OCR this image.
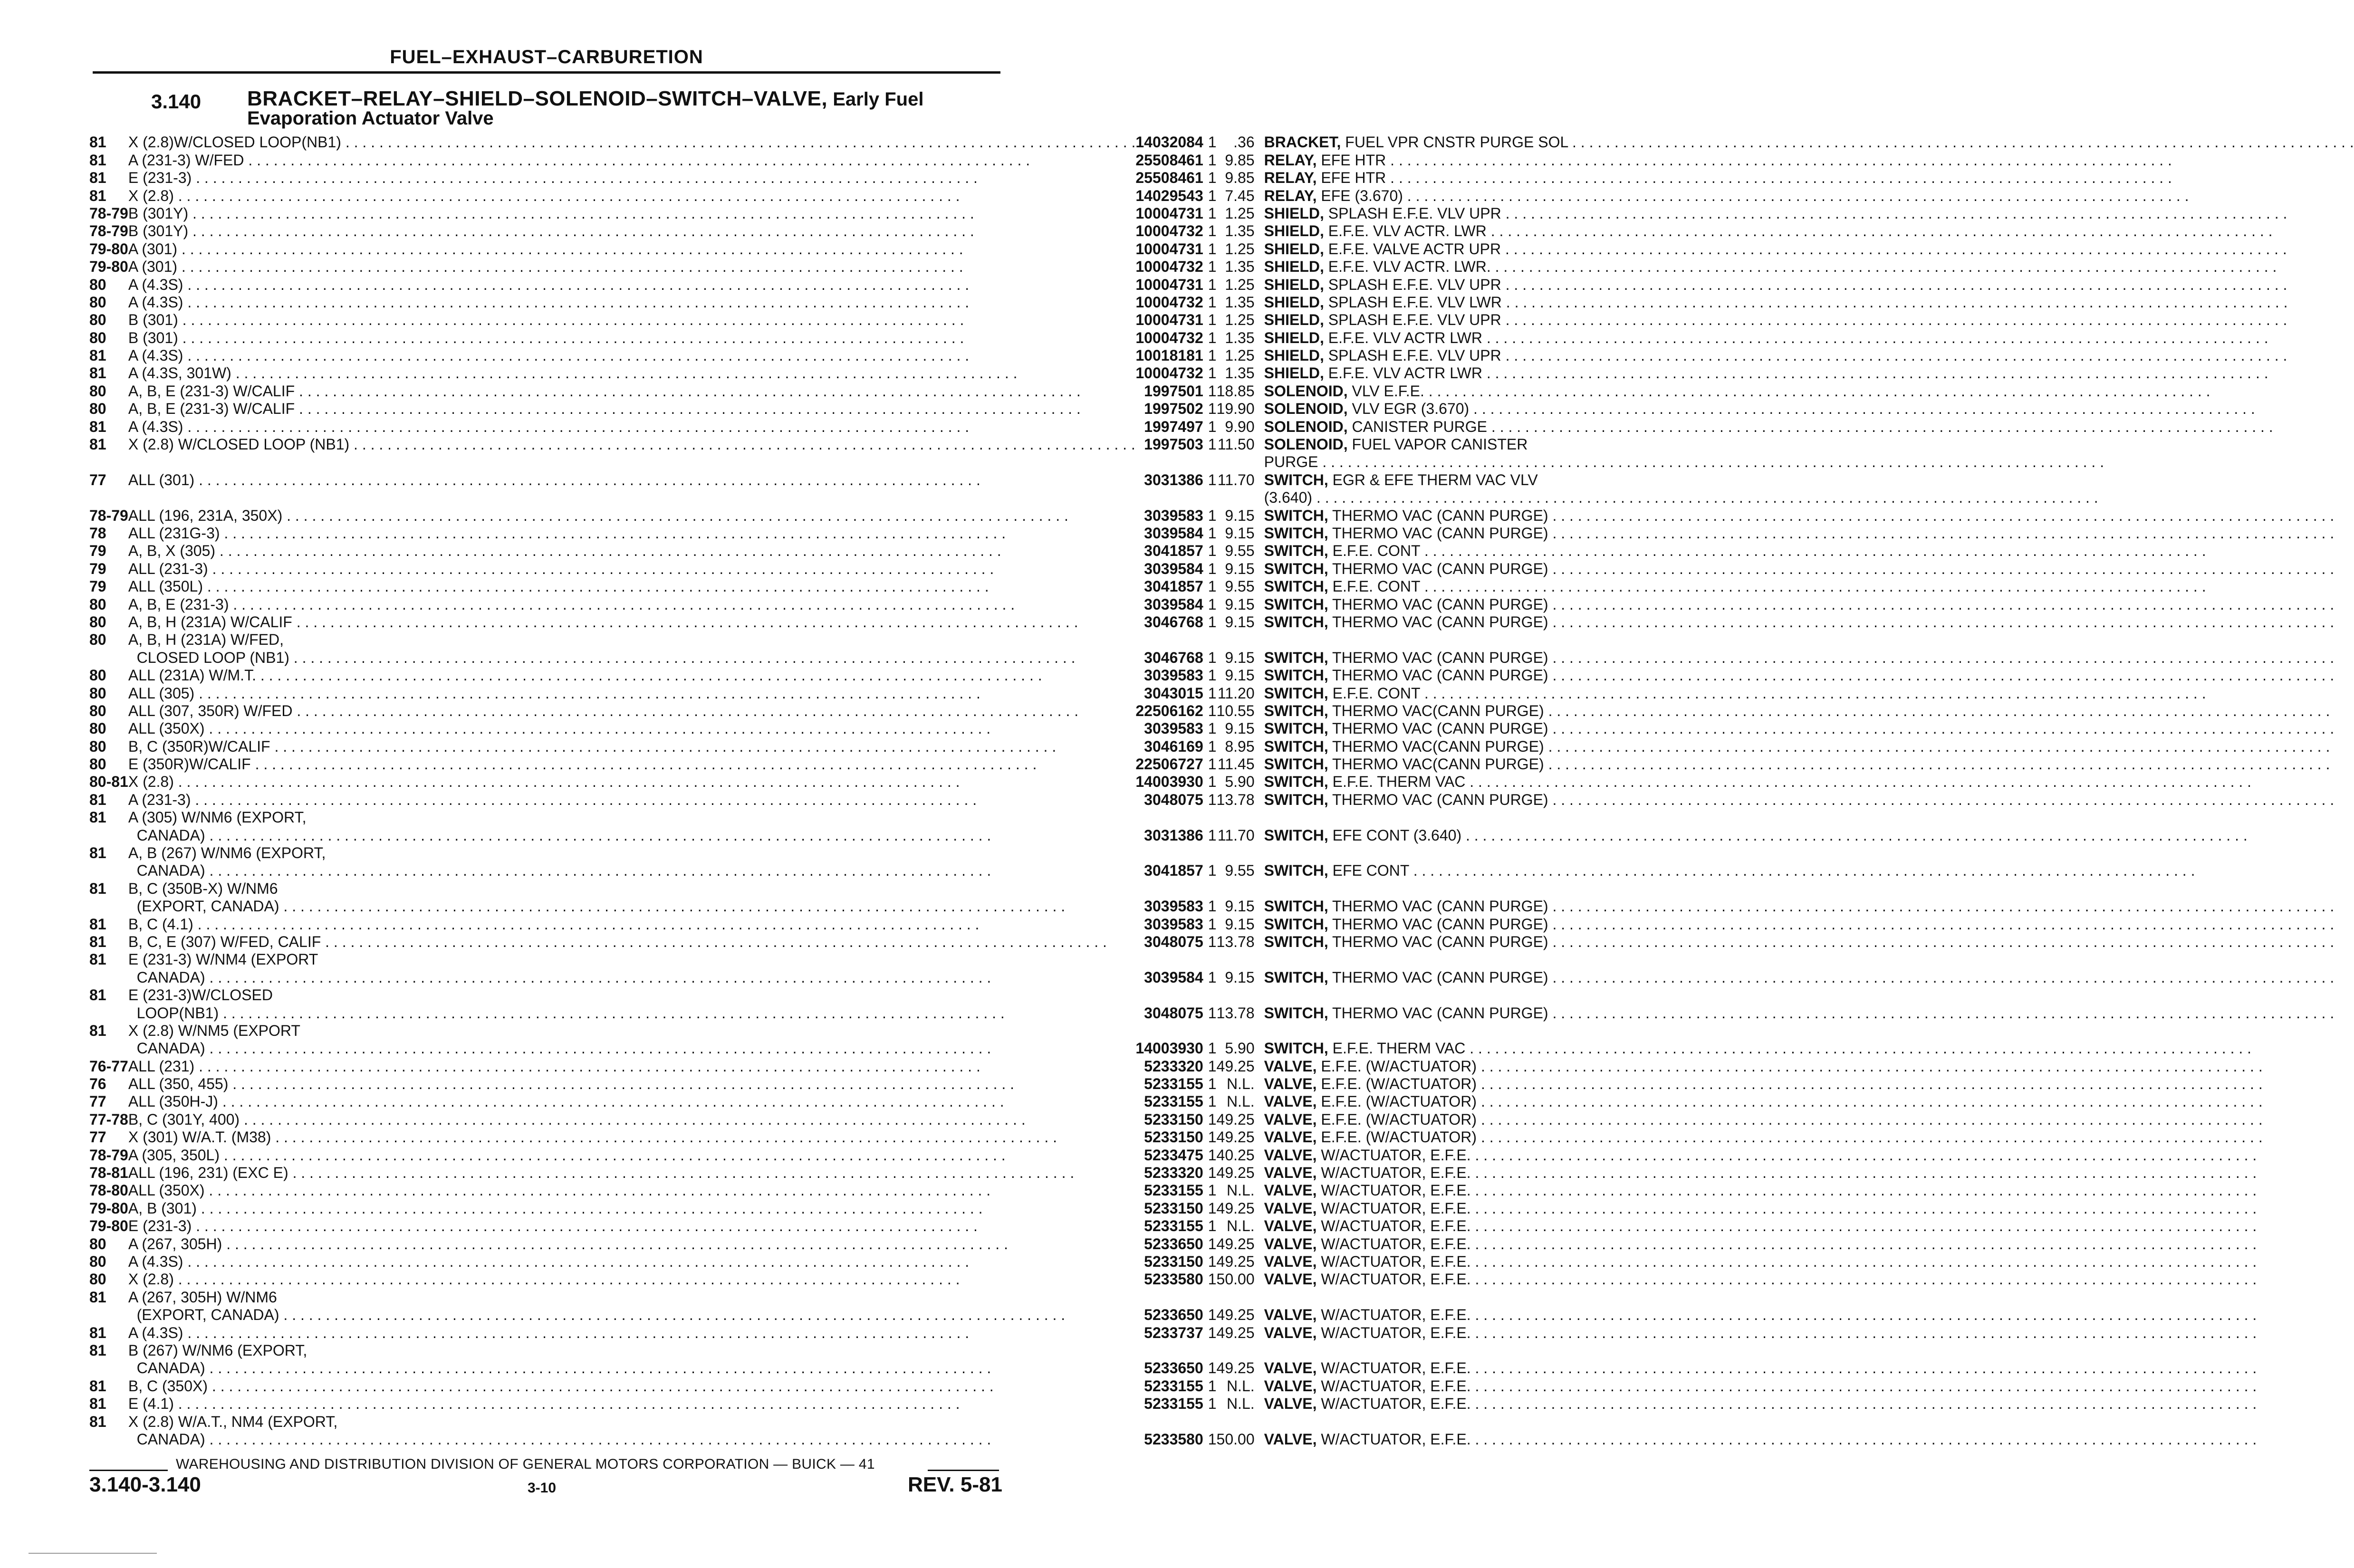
FUEL–EXHAUST–CARBURETION
3.140 BRACKET–RELAY–SHIELD–SOLENOID–SWITCH–VALVE, Early Fuel
Evaporation Actuator Valve
81	X (2.8)W/CLOSED LOOP(NB1) . . . .	14032084	1	.36	BRACKET, FUEL VPR CNSTR PURGE SOL . . .
81	A (231-3) W/FED . . .	25508461	1	9.85	RELAY, EFE HTR . . .
81	E (231-3) . . .	25508461	1	9.85	RELAY, EFE HTR . . .
81	X (2.8) . . .	14029543	1	7.45	RELAY, EFE (3.670) . . .
78-79	B (301Y) . . .	10004731	1	1.25	SHIELD, SPLASH E.F.E. VLV UPR . . .
78-79	B (301Y) . . .	10004732	1	1.35	SHIELD, E.F.E. VLV ACTR. LWR . . .
79-80	A (301) . . .	10004731	1	1.25	SHIELD, E.F.E. VALVE ACTR UPR . . .
79-80	A (301) . . .	10004732	1	1.35	SHIELD, E.F.E. VLV ACTR. LWR. . . .
80	A (4.3S) . . .	10004731	1	1.25	SHIELD, SPLASH E.F.E. VLV UPR . . .
80	A (4.3S) . . .	10004732	1	1.35	SHIELD, SPLASH E.F.E. VLV LWR . . .
80	B (301) . . .	10004731	1	1.25	SHIELD, SPLASH E.F.E. VLV UPR . . .
80	B (301) . . .	10004732	1	1.35	SHIELD, E.F.E. VLV ACTR LWR . . .
81	A (4.3S) . . .	10018181	1	1.25	SHIELD, SPLASH E.F.E. VLV UPR . . .
81	A (4.3S, 301W) . . .	10004732	1	1.35	SHIELD, E.F.E. VLV ACTR LWR . . .
80	A, B, E (231-3) W/CALIF . . .	1997501	1	18.85	SOLENOID, VLV E.F.E. . . .
80	A, B, E (231-3) W/CALIF . . .	1997502	1	19.90	SOLENOID, VLV EGR (3.670) . . .
81	A (4.3S) . . .	1997497	1	9.90	SOLENOID, CANISTER PURGE . . .
81	X (2.8) W/CLOSED LOOP (NB1) . . .	1997503	1	11.50	SOLENOID, FUEL VAPOR CANISTER
					PURGE . . .
77	ALL (301) . . .	3031386	1	11.70	SWITCH, EGR & EFE THERM VAC VLV
					(3.640) . . .
78-79	ALL (196, 231A, 350X) . . .	3039583	1	9.15	SWITCH, THERMO VAC (CANN PURGE) . . .
78	ALL (231G-3) . . .	3039584	1	9.15	SWITCH, THERMO VAC (CANN PURGE) . . .
79	A, B, X (305) . . .	3041857	1	9.55	SWITCH, E.F.E. CONT . . .
79	ALL (231-3) . . .	3039584	1	9.15	SWITCH, THERMO VAC (CANN PURGE) . . .
79	ALL (350L) . . .	3041857	1	9.55	SWITCH, E.F.E. CONT . . .
80	A, B, E (231-3) . . .	3039584	1	9.15	SWITCH, THERMO VAC (CANN PURGE) . . .
80	A, B, H (231A) W/CALIF . . .	3046768	1	9.15	SWITCH, THERMO VAC (CANN PURGE) . . .
80	A, B, H (231A) W/FED,				
	CLOSED LOOP (NB1) . . .	3046768	1	9.15	SWITCH, THERMO VAC (CANN PURGE) . . .
80	ALL (231A) W/M.T. . . .	3039583	1	9.15	SWITCH, THERMO VAC (CANN PURGE) . . .
80	ALL (305) . . .	3043015	1	11.20	SWITCH, E.F.E. CONT . . .
80	ALL (307, 350R) W/FED . . .	22506162	1	10.55	SWITCH, THERMO VAC(CANN PURGE) . . .
80	ALL (350X) . . .	3039583	1	9.15	SWITCH, THERMO VAC (CANN PURGE) . . .
80	B, C (350R)W/CALIF . . .	3046169	1	8.95	SWITCH, THERMO VAC(CANN PURGE) . . .
80	E (350R)W/CALIF . . .	22506727	1	11.45	SWITCH, THERMO VAC(CANN PURGE) . . .
80-81	X (2.8) . . .	14003930	1	5.90	SWITCH, E.F.E. THERM VAC . . .
81	A (231-3) . . .	3048075	1	13.78	SWITCH, THERMO VAC (CANN PURGE) . . .
81	A (305) W/NM6 (EXPORT,				
	CANADA) . . .	3031386	1	11.70	SWITCH, EFE CONT (3.640) . . .
81	A, B (267) W/NM6 (EXPORT,				
	CANADA) . . .	3041857	1	9.55	SWITCH, EFE CONT . . .
81	B, C (350B-X) W/NM6				
	(EXPORT, CANADA) . . .	3039583	1	9.15	SWITCH, THERMO VAC (CANN PURGE) . . .
81	B, C (4.1) . . .	3039583	1	9.15	SWITCH, THERMO VAC (CANN PURGE) . . .
81	B, C, E (307) W/FED, CALIF . . .	3048075	1	13.78	SWITCH, THERMO VAC (CANN PURGE) . . .
81	E (231-3) W/NM4 (EXPORT				
	CANADA) . . .	3039584	1	9.15	SWITCH, THERMO VAC (CANN PURGE) . . .
81	E (231-3)W/CLOSED				
	LOOP(NB1) . . .	3048075	1	13.78	SWITCH, THERMO VAC (CANN PURGE) . . .
81	X (2.8) W/NM5 (EXPORT				
	CANADA) . . .	14003930	1	5.90	SWITCH, E.F.E. THERM VAC . . .
76-77	ALL (231) . . .	5233320	1	49.25	VALVE, E.F.E. (W/ACTUATOR) . . .
76	ALL (350, 455) . . .	5233155	1	N.L.	VALVE, E.F.E. (W/ACTUATOR) . . .
77	ALL (350H-J) . . .	5233155	1	N.L.	VALVE, E.F.E. (W/ACTUATOR) . . .
77-78	B, C (301Y, 400) . . .	5233150	1	49.25	VALVE, E.F.E. (W/ACTUATOR) . . .
77	X (301) W/A.T. (M38) . . .	5233150	1	49.25	VALVE, E.F.E. (W/ACTUATOR) . . .
78-79	A (305, 350L) . . .	5233475	1	40.25	VALVE, W/ACTUATOR, E.F.E. . . .
78-81	ALL (196, 231) (EXC E) . . .	5233320	1	49.25	VALVE, W/ACTUATOR, E.F.E. . . .
78-80	ALL (350X) . . .	5233155	1	N.L.	VALVE, W/ACTUATOR, E.F.E. . . .
79-80	A, B (301) . . .	5233150	1	49.25	VALVE, W/ACTUATOR, E.F.E. . . .
79-80	E (231-3) . . .	5233155	1	N.L.	VALVE, W/ACTUATOR, E.F.E. . . .
80	A (267, 305H) . . .	5233650	1	49.25	VALVE, W/ACTUATOR, E.F.E. . . .
80	A (4.3S) . . .	5233150	1	49.25	VALVE, W/ACTUATOR, E.F.E. . . .
80	X (2.8) . . .	5233580	1	50.00	VALVE, W/ACTUATOR, E.F.E. . . .
81	A (267, 305H) W/NM6				
	(EXPORT, CANADA) . . .	5233650	1	49.25	VALVE, W/ACTUATOR, E.F.E. . . .
81	A (4.3S) . . .	5233737	1	49.25	VALVE, W/ACTUATOR, E.F.E. . . .
81	B (267) W/NM6 (EXPORT,				
	CANADA) . . .	5233650	1	49.25	VALVE, W/ACTUATOR, E.F.E. . . .
81	B, C (350X) . . .	5233155	1	N.L.	VALVE, W/ACTUATOR, E.F.E. . . .
81	E (4.1) . . .	5233155	1	N.L.	VALVE, W/ACTUATOR, E.F.E. . . .
81	X (2.8) W/A.T., NM4 (EXPORT,				
	CANADA) . . .	5233580	1	50.00	VALVE, W/ACTUATOR, E.F.E. . . .
WAREHOUSING AND DISTRIBUTION DIVISION OF GENERAL MOTORS CORPORATION — BUICK — 41
3.140-3.140	3-10	REV. 5-81
